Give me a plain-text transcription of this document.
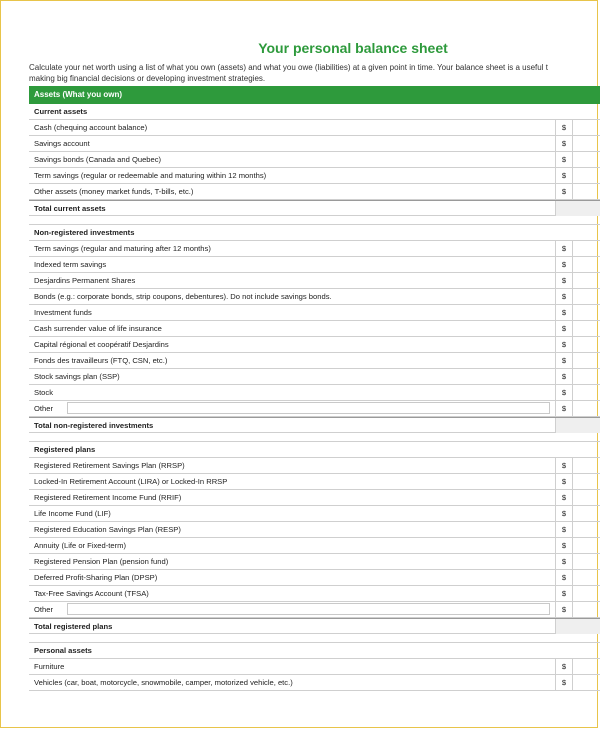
Your personal balance sheet
Calculate your net worth using a list of what you own (assets) and what you owe (liabilities) at a given point in time. Your balance sheet is a useful t
making big financial decisions or developing investment strategies.
Assets (What you own)
Current assets
Cash (chequing account balance)	$
Savings account	$
Savings bonds (Canada and Quebec)	$
Term savings (regular or redeemable and maturing within 12 months)	$
Other assets (money market funds, T-bills, etc.)	$
Total current assets
Non-registered investments
Term savings (regular and maturing after 12 months)	$
Indexed term savings	$
Desjardins Permanent Shares	$
Bonds (e.g.: corporate bonds, strip coupons, debentures). Do not include savings bonds.	$
Investment funds	$
Cash surrender value of life insurance	$
Capital régional et coopératif Desjardins	$
Fonds des travailleurs (FTQ, CSN, etc.)	$
Stock savings plan (SSP)	$
Stock	$
Other	$
Total non-registered investments
Registered plans
Registered Retirement Savings Plan (RRSP)	$
Locked-In Retirement Account (LIRA) or Locked-In RRSP	$
Registered Retirement Income Fund (RRIF)	$
Life Income Fund (LIF)	$
Registered Education Savings Plan (RESP)	$
Annuity (Life or Fixed-term)	$
Registered Pension Plan (pension fund)	$
Deferred Profit-Sharing Plan (DPSP)	$
Tax-Free Savings Account (TFSA)	$
Other	$
Total registered plans
Personal assets
Furniture	$
Vehicles (car, boat, motorcycle, snowmobile, camper, motorized vehicle, etc.)	$
